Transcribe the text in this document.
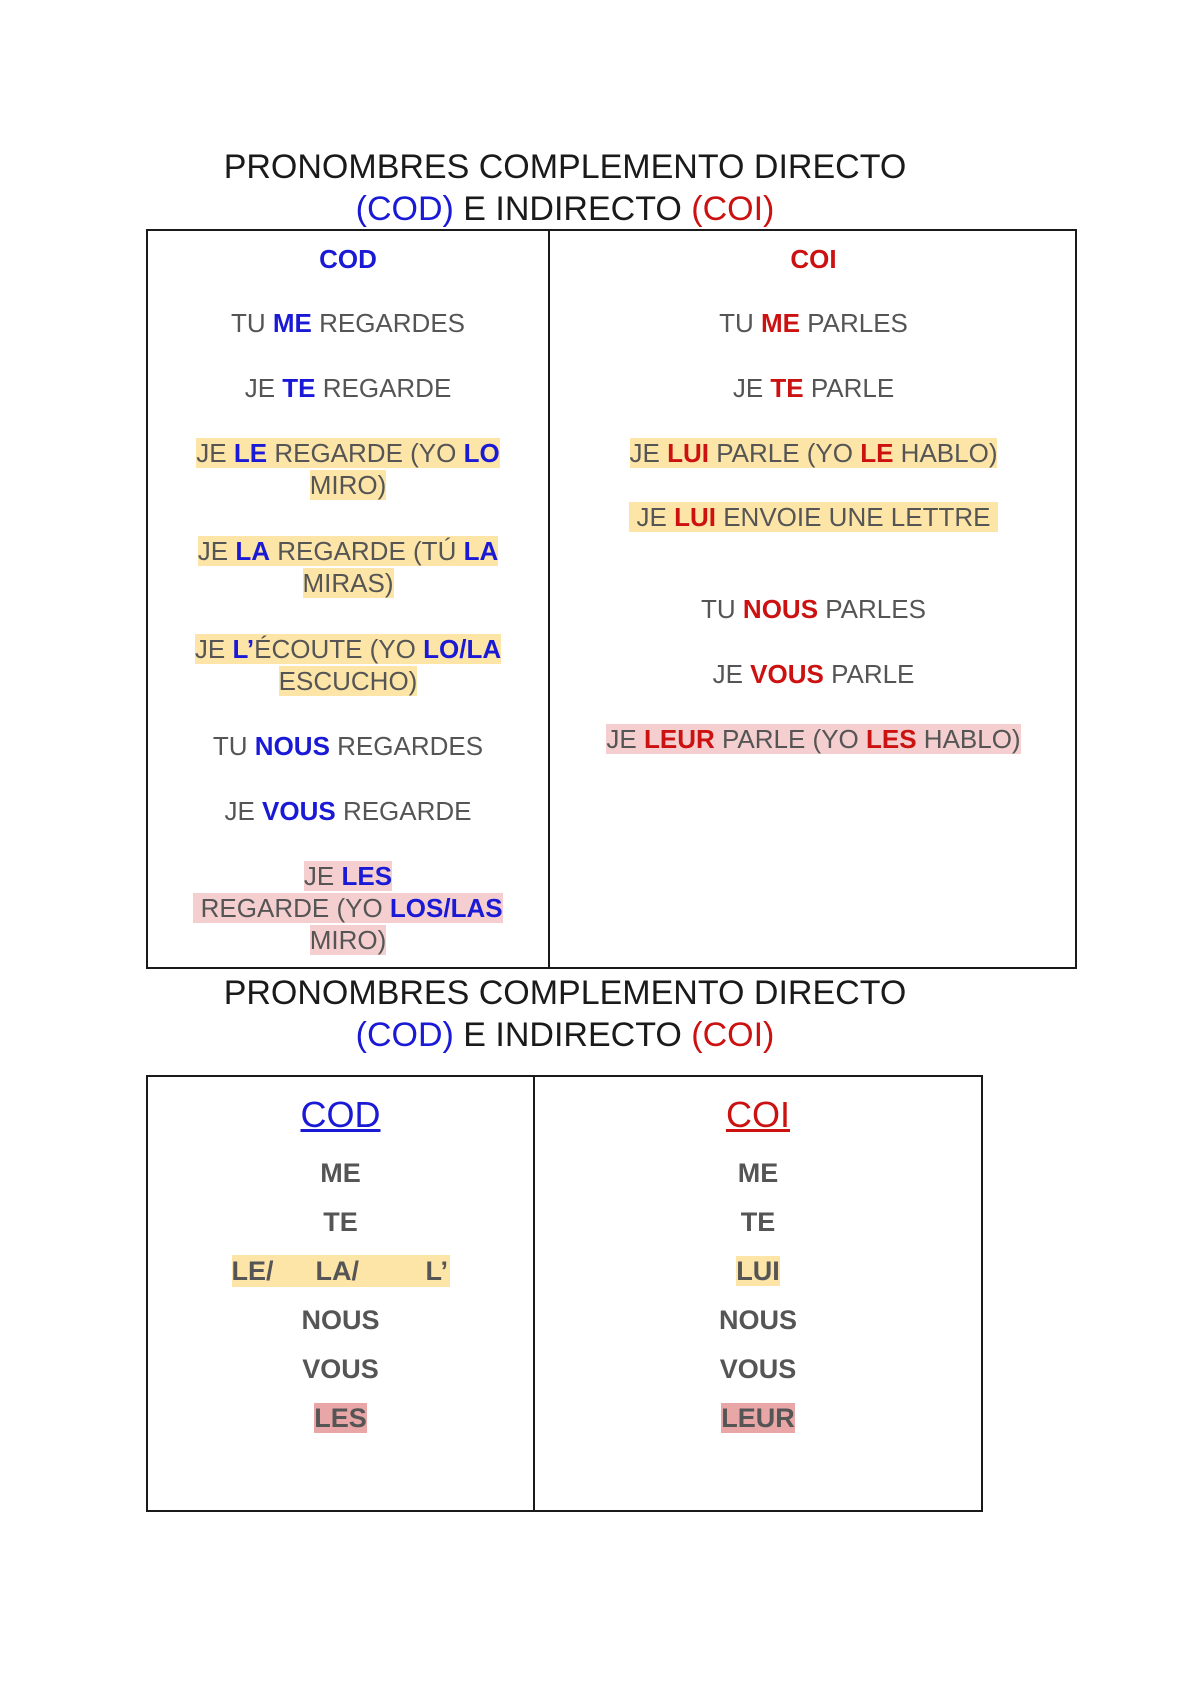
PRONOMBRES COMPLEMENTO DIRECTO
(COD) E INDIRECTO (COI)
COD
TU ME REGARDES
JE TE REGARDE
JE LE REGARDE (YO LO MIRO)
JE LA REGARDE (TÚ LA MIRAS)
JE L’ÉCOUTE (YO LO/LA ESCUCHO)
TU NOUS REGARDES
JE VOUS REGARDE
JE LES REGARDE (YO LOS/LAS MIRO)
COI
TU ME PARLES
JE TE PARLE
JE LUI PARLE (YO LE HABLO)
JE LUI ENVOIE UNE LETTRE
TU NOUS PARLES
JE VOUS PARLE
JE LEUR PARLE (YO LES HABLO)
PRONOMBRES COMPLEMENTO DIRECTO
(COD) E INDIRECTO (COI)
COD
ME
TE
LE/ LA/ L’
NOUS
VOUS
LES
COI
ME
TE
LUI
NOUS
VOUS
LEUR
